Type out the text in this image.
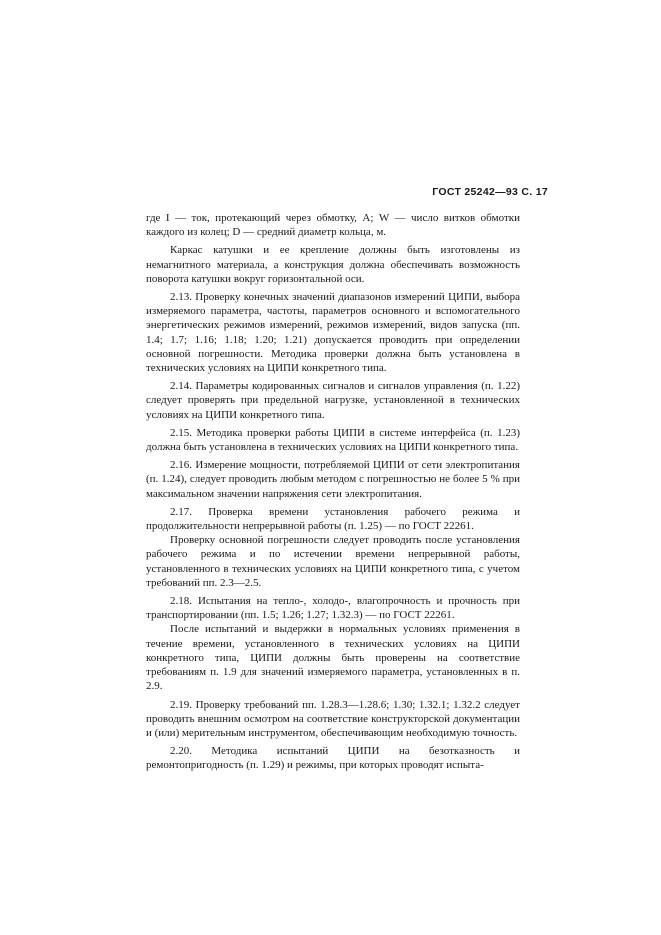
ГОСТ 25242—93 С. 17

где I — ток, протекающий через обмотку, А; W — число витков обмотки каждого из колец; D — средний диаметр кольца, м.

Каркас катушки и ее крепление должны быть изготовлены из немагнитного материала, а конструкция должна обеспечивать возможность поворота катушки вокруг горизонтальной оси.

2.13. Проверку конечных значений диапазонов измерений ЦИПИ, выбора измеряемого параметра, частоты, параметров основного и вспомогательного энергетических режимов измерений, режимов измерений, видов запуска (пп. 1.4; 1.7; 1.16; 1.18; 1.20; 1.21) допускается проводить при определении основной погрешности. Методика проверки должна быть установлена в технических условиях на ЦИПИ конкретного типа.

2.14. Параметры кодированных сигналов и сигналов управления (п. 1.22) следует проверять при предельной нагрузке, установленной в технических условиях на ЦИПИ конкретного типа.

2.15. Методика проверки работы ЦИПИ в системе интерфейса (п. 1.23) должна быть установлена в технических условиях на ЦИПИ конкретного типа.

2.16. Измерение мощности, потребляемой ЦИПИ от сети электропитания (п. 1.24), следует проводить любым методом с погрешностью не более 5 % при максимальном значении напряжения сети электропитания.

2.17. Проверка времени установления рабочего режима и продолжительности непрерывной работы (п. 1.25) — по ГОСТ 22261.

Проверку основной погрешности следует проводить после установления рабочего режима и по истечении времени непрерывной работы, установленного в технических условиях на ЦИПИ конкретного типа, с учетом требований пп. 2.3—2.5.

2.18. Испытания на тепло-, холодо-, влагопрочность и прочность при транспортировании (пп. 1.5; 1.26; 1.27; 1.32.3) — по ГОСТ 22261.

После испытаний и выдержки в нормальных условиях применения в течение времени, установленного в технических условиях на ЦИПИ конкретного типа, ЦИПИ должны быть проверены на соответствие требованиям п. 1.9 для значений измеряемого параметра, установленных в п. 2.9.

2.19. Проверку требований пп. 1.28.3—1.28.6; 1.30; 1.32.1; 1.32.2 следует проводить внешним осмотром на соответствие конструкторской документации и (или) мерительным инструментом, обеспечивающим необходимую точность.

2.20. Методика испытаний ЦИПИ на безотказность и ремонтопригодность (п. 1.29) и режимы, при которых проводят испыта-
